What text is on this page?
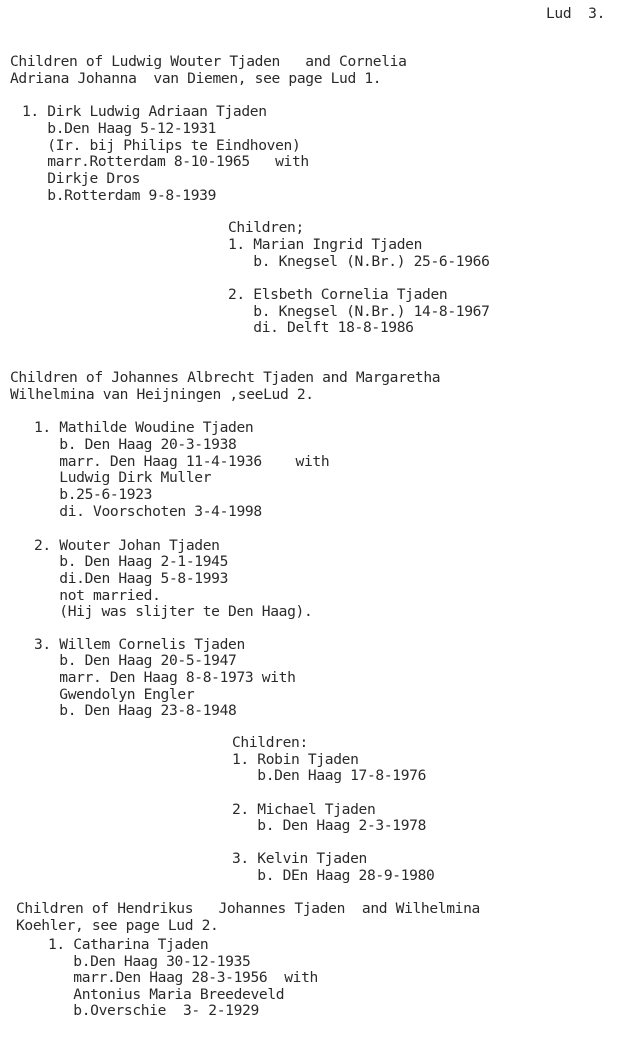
Lud  3.
Children of Ludwig Wouter Tjaden   and Cornelia
Adriana Johanna  van Diemen, see page Lud 1.
1. Dirk Ludwig Adriaan Tjaden
b.Den Haag 5-12-1931
(Ir. bij Philips te Eindhoven)
marr.Rotterdam 8-10-1965   with
Dirkje Dros
b.Rotterdam 9-8-1939
Children;
1. Marian Ingrid Tjaden
b. Knegsel (N.Br.) 25-6-1966
2. Elsbeth Cornelia Tjaden
b. Knegsel (N.Br.) 14-8-1967
di. Delft 18-8-1986
Children of Johannes Albrecht Tjaden and Margaretha
Wilhelmina van Heijningen ,seeLud 2.
1. Mathilde Woudine Tjaden
b. Den Haag 20-3-1938
marr. Den Haag 11-4-1936    with
Ludwig Dirk Muller
b.25-6-1923
di. Voorschoten 3-4-1998
2. Wouter Johan Tjaden
b. Den Haag 2-1-1945
di.Den Haag 5-8-1993
not married.
(Hij was slijter te Den Haag).
3. Willem Cornelis Tjaden
b. Den Haag 20-5-1947
marr. Den Haag 8-8-1973 with
Gwendolyn Engler
b. Den Haag 23-8-1948
Children:
1. Robin Tjaden
b.Den Haag 17-8-1976
2. Michael Tjaden
b. Den Haag 2-3-1978
3. Kelvin Tjaden
b. DEn Haag 28-9-1980
Children of Hendrikus   Johannes Tjaden  and Wilhelmina
Koehler, see page Lud 2.
1. Catharina Tjaden
b.Den Haag 30-12-1935
marr.Den Haag 28-3-1956  with
Antonius Maria Breedeveld
b.Overschie  3- 2-1929
